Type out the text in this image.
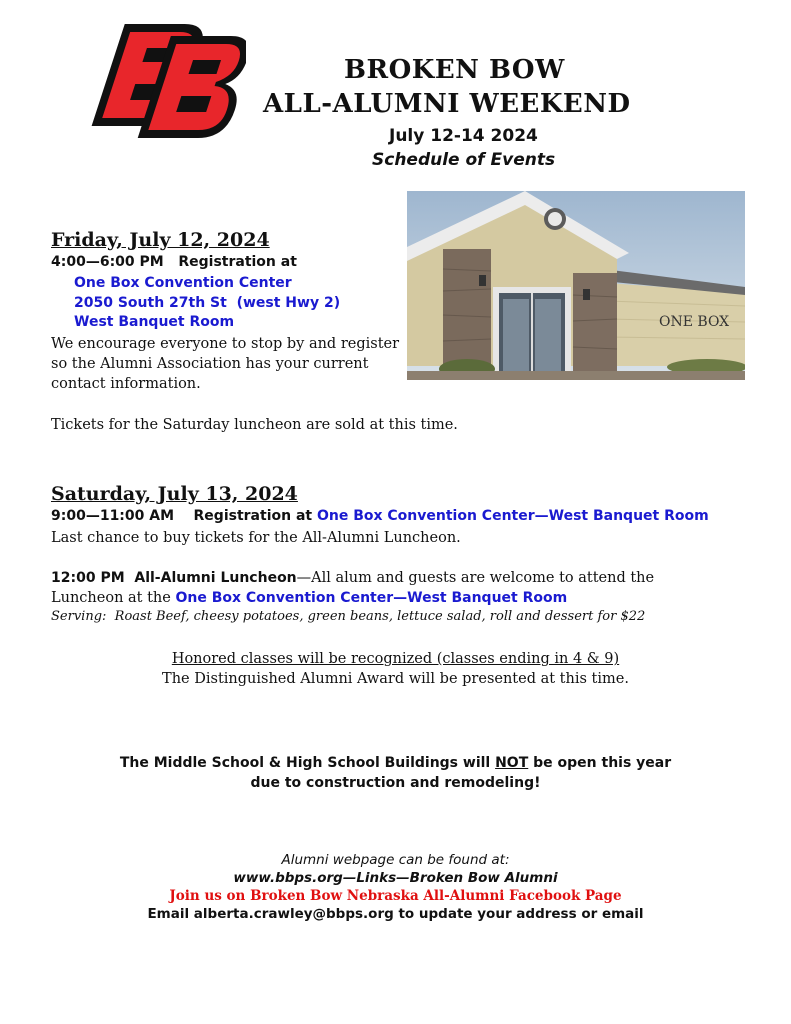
BROKEN BOW
ALL-ALUMNI WEEKEND
July 12-14 2024
Schedule of Events
ONE BOX
Friday, July 12, 2024
4:00—6:00 PM Registration at
One Box Convention Center
2050 South 27th St  (west Hwy 2)
West Banquet Room
We encourage everyone to stop by and register so the Alumni Association has your current contact information.
Tickets for the Saturday luncheon are sold at this time.
Saturday, July 13, 2024
9:00—11:00 AM Registration at One Box Convention Center—West Banquet Room
Last chance to buy tickets for the All-Alumni Luncheon.
12:00 PM  All-Alumni Luncheon—All alum and guests are welcome to attend the Luncheon at the One Box Convention Center—West Banquet Room
Serving:  Roast Beef, cheesy potatoes, green beans, lettuce salad, roll and dessert for $22
Honored classes will be recognized (classes ending in 4 & 9)
The Distinguished Alumni Award will be presented at this time.
The Middle School & High School Buildings will NOT be open this year
due to construction and remodeling!
Alumni webpage can be found at:
www.bbps.org—Links—Broken Bow Alumni
Join us on Broken Bow Nebraska All-Alumni Facebook Page
Email alberta.crawley@bbps.org to update your address or email
